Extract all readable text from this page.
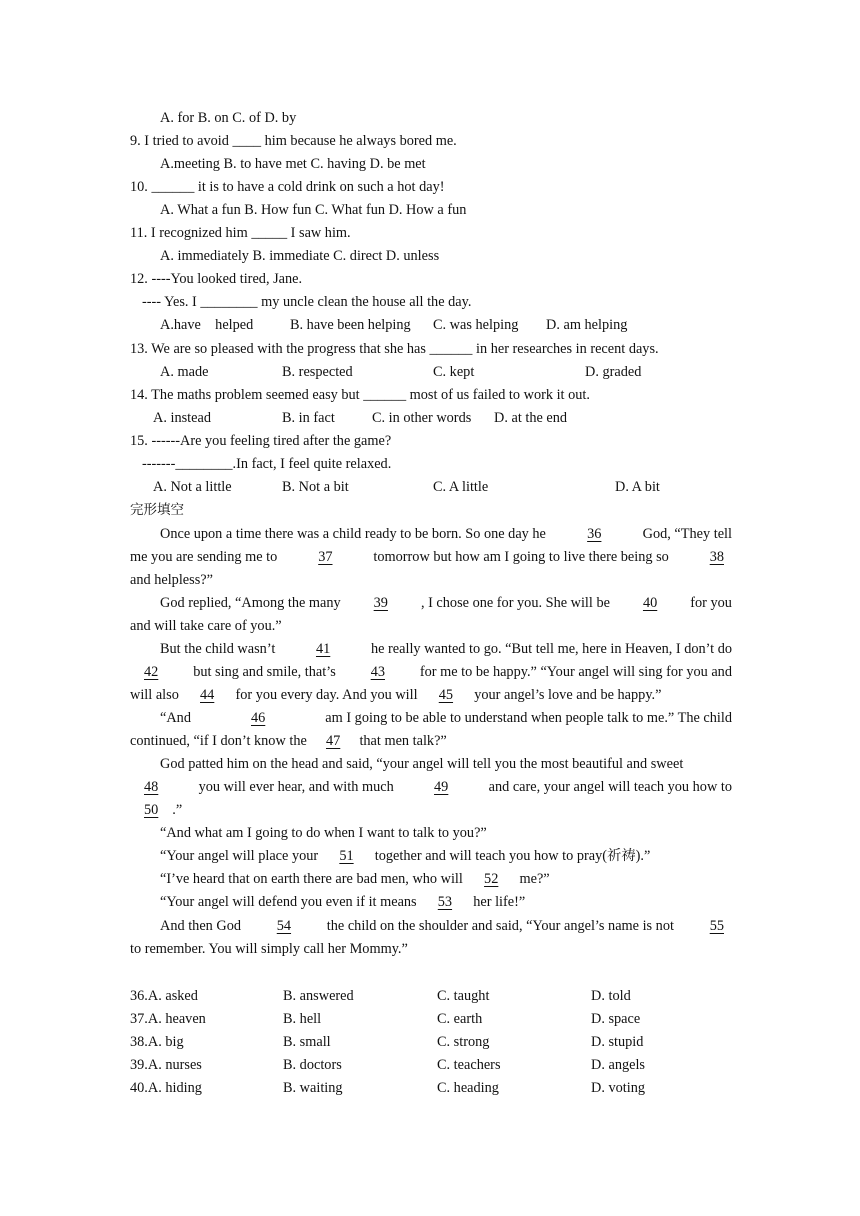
A. for B. on C. of D. by
9. I tried to avoid ____ him because he always bored me.
A.meeting B. to have met C. having D. be met
10. ______ it is to have a cold drink on such a hot day!
A. What a fun B. How fun C. What fun D. How a fun
11. I recognized him _____ I saw him.
A. immediately B. immediate C. direct D. unless
12. ----You looked tired, Jane.
---- Yes. I ________ my uncle clean the house all the day.
A.have    helped	B. have been helping C. was helping D. am helping
13. We are so pleased with the progress that she has ______ in her researches in recent days.
A. made	B. respected	C. kept	D. graded
14. The maths problem seemed easy but ______ most of us failed to work it out.
A. instead	B. in fact	C. in other words D. at the end
15. ------Are you feeling tired after the game?
-------________.In fact, I feel quite relaxed.
A. Not a little	B. Not a bit	C. A little	D. A bit
完形填空
Once upon a time there was a child ready to be born. So one day he	36	God, “They tell
me you are sending me to	37	tomorrow but how am I going to live there being so	38
and helpless?”
God replied, “Among the many	39	, I chose one for you. She will be	40	for you
and will take care of you.”
But the child wasn’t	41	he really wanted to go. “But tell me, here in Heaven, I don’t do
42	but sing and smile, that’s	43	for me to be happy.” “Your angel will sing for you and
will also 44 for you every day. And you will 45 your angel’s love and be happy.”
“And	46	am I going to be able to understand when people talk to me.” The child
continued, “if I don’t know the 47 that men talk?”
God patted him on the head and said, “your angel will tell you the most beautiful and sweet
48	you will ever hear, and with much	49	and care, your angel will teach you how to
50 .”
“And what am I going to do when I want to talk to you?”
“Your angel will place your 51 together and will teach you how to pray(祈祷).”
“I’ve heard that on earth there are bad men, who will 52 me?”
“Your angel will defend you even if it means 53 her life!”
And then God	54	the child on the shoulder and said, “Your angel’s name is not	55
to remember. You will simply call her Mommy.”
36.A. asked	B. answered	C. taught	D. told
37.A. heaven	B. hell	C. earth	D. space
38.A. big	B. small	C. strong	D. stupid
39.A. nurses	B. doctors	C. teachers	D. angels
40.A. hiding	B. waiting	C. heading	D. voting
